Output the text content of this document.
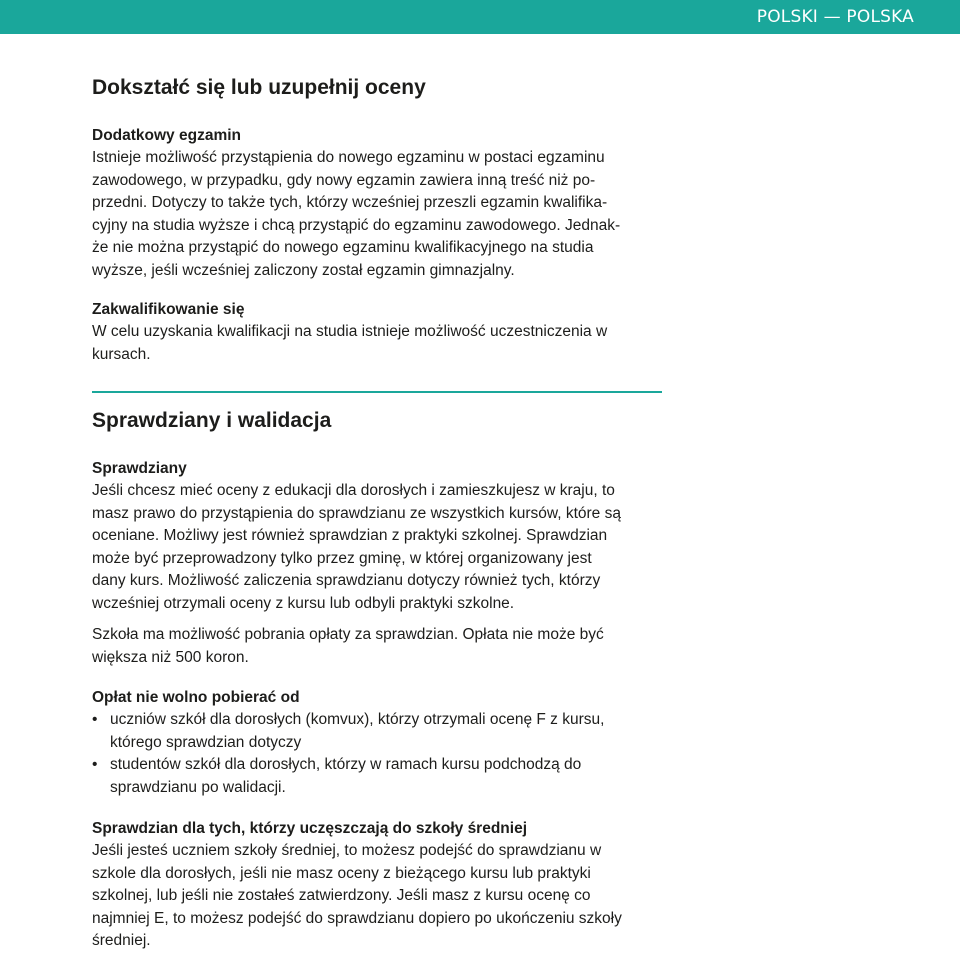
POLSKI — POLSKA
Dokształć się lub uzupełnij oceny
Dodatkowy egzamin

Istnieje możliwość przystąpienia do nowego egzaminu w postaci egzaminu
zawodowego, w przypadku, gdy nowy egzamin zawiera inną treść niż po-
przedni. Dotyczy to także tych, którzy wcześniej przeszli egzamin kwalifika-
cyjny na studia wyższe i chcą przystąpić do egzaminu zawodowego. Jednak-
że nie można przystąpić do nowego egzaminu kwalifikacyjnego na studia
wyższe, jeśli wcześniej zaliczony został egzamin gimnazjalny.

Zakwalifikowanie się

W celu uzyskania kwalifikacji na studia istnieje możliwość uczestniczenia w
kursach.

Sprawdziany i walidacja
Sprawdziany

Jeśli chcesz mieć oceny z edukacji dla dorosłych i zamieszkujesz w kraju, to
masz prawo do przystąpienia do sprawdzianu ze wszystkich kursów, które są
oceniane. Możliwy jest również sprawdzian z praktyki szkolnej. Sprawdzian
może być przeprowadzony tylko przez gminę, w której organizowany jest
dany kurs. Możliwość zaliczenia sprawdzianu dotyczy również tych, którzy
wcześniej otrzymali oceny z kursu lub odbyli praktyki szkolne.

Szkoła ma możliwość pobrania opłaty za sprawdzian. Opłata nie może być
większa niż 500 koron.

Opłat nie wolno pobierać od
• uczniów szkół dla dorosłych (komvux), którzy otrzymali ocenę F z kursu,
którego sprawdzian dotyczy
• studentów szkół dla dorosłych, którzy w ramach kursu podchodzą do
sprawdzianu po walidacji.
Sprawdzian dla tych, którzy uczęszczają do szkoły średniej

Jeśli jesteś uczniem szkoły średniej, to możesz podejść do sprawdzianu w
szkole dla dorosłych, jeśli nie masz oceny z bieżącego kursu lub praktyki
szkolnej, lub jeśli nie zostałeś zatwierdzony. Jeśli masz z kursu ocenę co
najmniej E, to możesz podejść do sprawdzianu dopiero po ukończeniu szkoły
średniej.
